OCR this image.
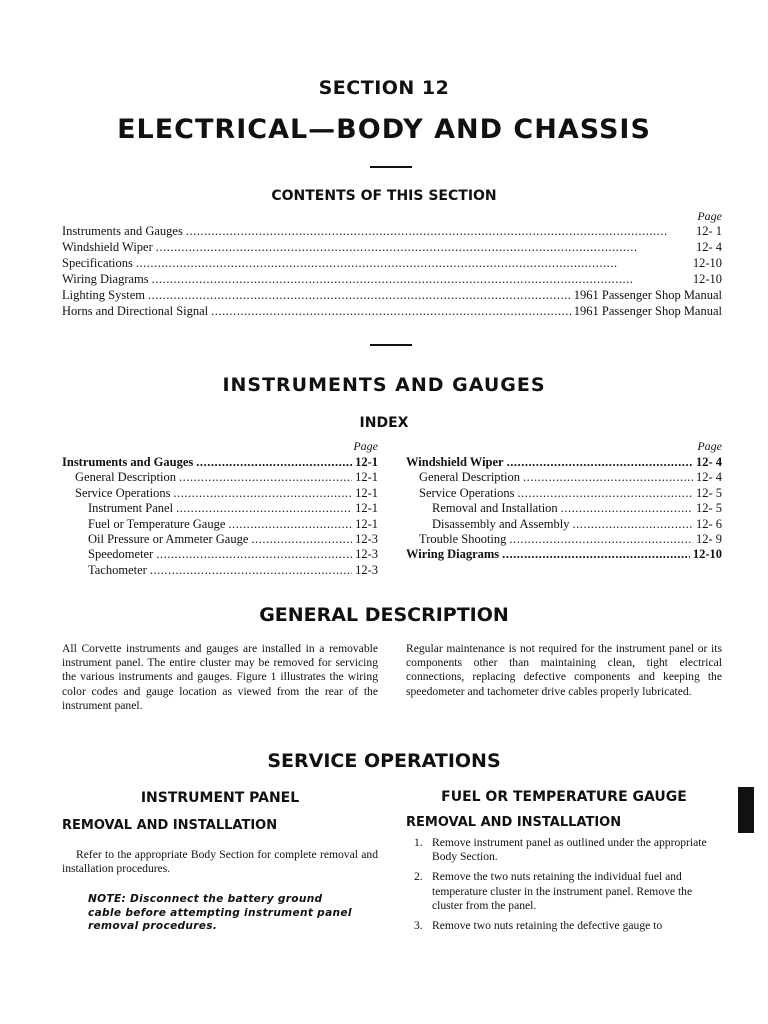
SECTION 12
ELECTRICAL—BODY AND CHASSIS
CONTENTS OF THIS SECTION
Page
Instruments and Gauges . . .	12- 1
Windshield Wiper . . .	12- 4
Specifications . . .	12-10
Wiring Diagrams . . .	12-10
Lighting System . . .	1961 Passenger Shop Manual
Horns and Directional Signal . . .	1961 Passenger Shop Manual
INSTRUMENTS AND GAUGES
INDEX
Page
Instruments and Gauges . . .	12-1
General Description . . .	12-1
Service Operations . . .	12-1
Instrument Panel . . .	12-1
Fuel or Temperature Gauge . . .	12-1
Oil Pressure or Ammeter Gauge . . .	12-3
Speedometer . . .	12-3
Tachometer . . .	12-3
Page
Windshield Wiper . . .	12- 4
General Description . . .	12- 4
Service Operations . . .	12- 5
Removal and Installation . . .	12- 5
Disassembly and Assembly . . .	12- 6
Trouble Shooting . . .	12- 9
Wiring Diagrams . . .	12-10
GENERAL DESCRIPTION
All Corvette instruments and gauges are installed in a removable instrument panel. The entire cluster may be removed for servicing the various instruments and gauges. Figure 1 illustrates the wiring color codes and gauge location as viewed from the rear of the instrument panel.
Regular maintenance is not required for the instrument panel or its components other than maintaining clean, tight electrical connections, replacing defective components and keeping the speedometer and tachometer drive cables properly lubricated.
SERVICE OPERATIONS
INSTRUMENT PANEL
REMOVAL AND INSTALLATION
Refer to the appropriate Body Section for complete removal and installation procedures.
NOTE: Disconnect the battery ground cable before attempting instrument panel removal procedures.
FUEL OR TEMPERATURE GAUGE
REMOVAL AND INSTALLATION
1. Remove instrument panel as outlined under the appropriate Body Section.
2. Remove the two nuts retaining the individual fuel and temperature cluster in the instrument panel. Remove the cluster from the panel.
3. Remove two nuts retaining the defective gauge to
